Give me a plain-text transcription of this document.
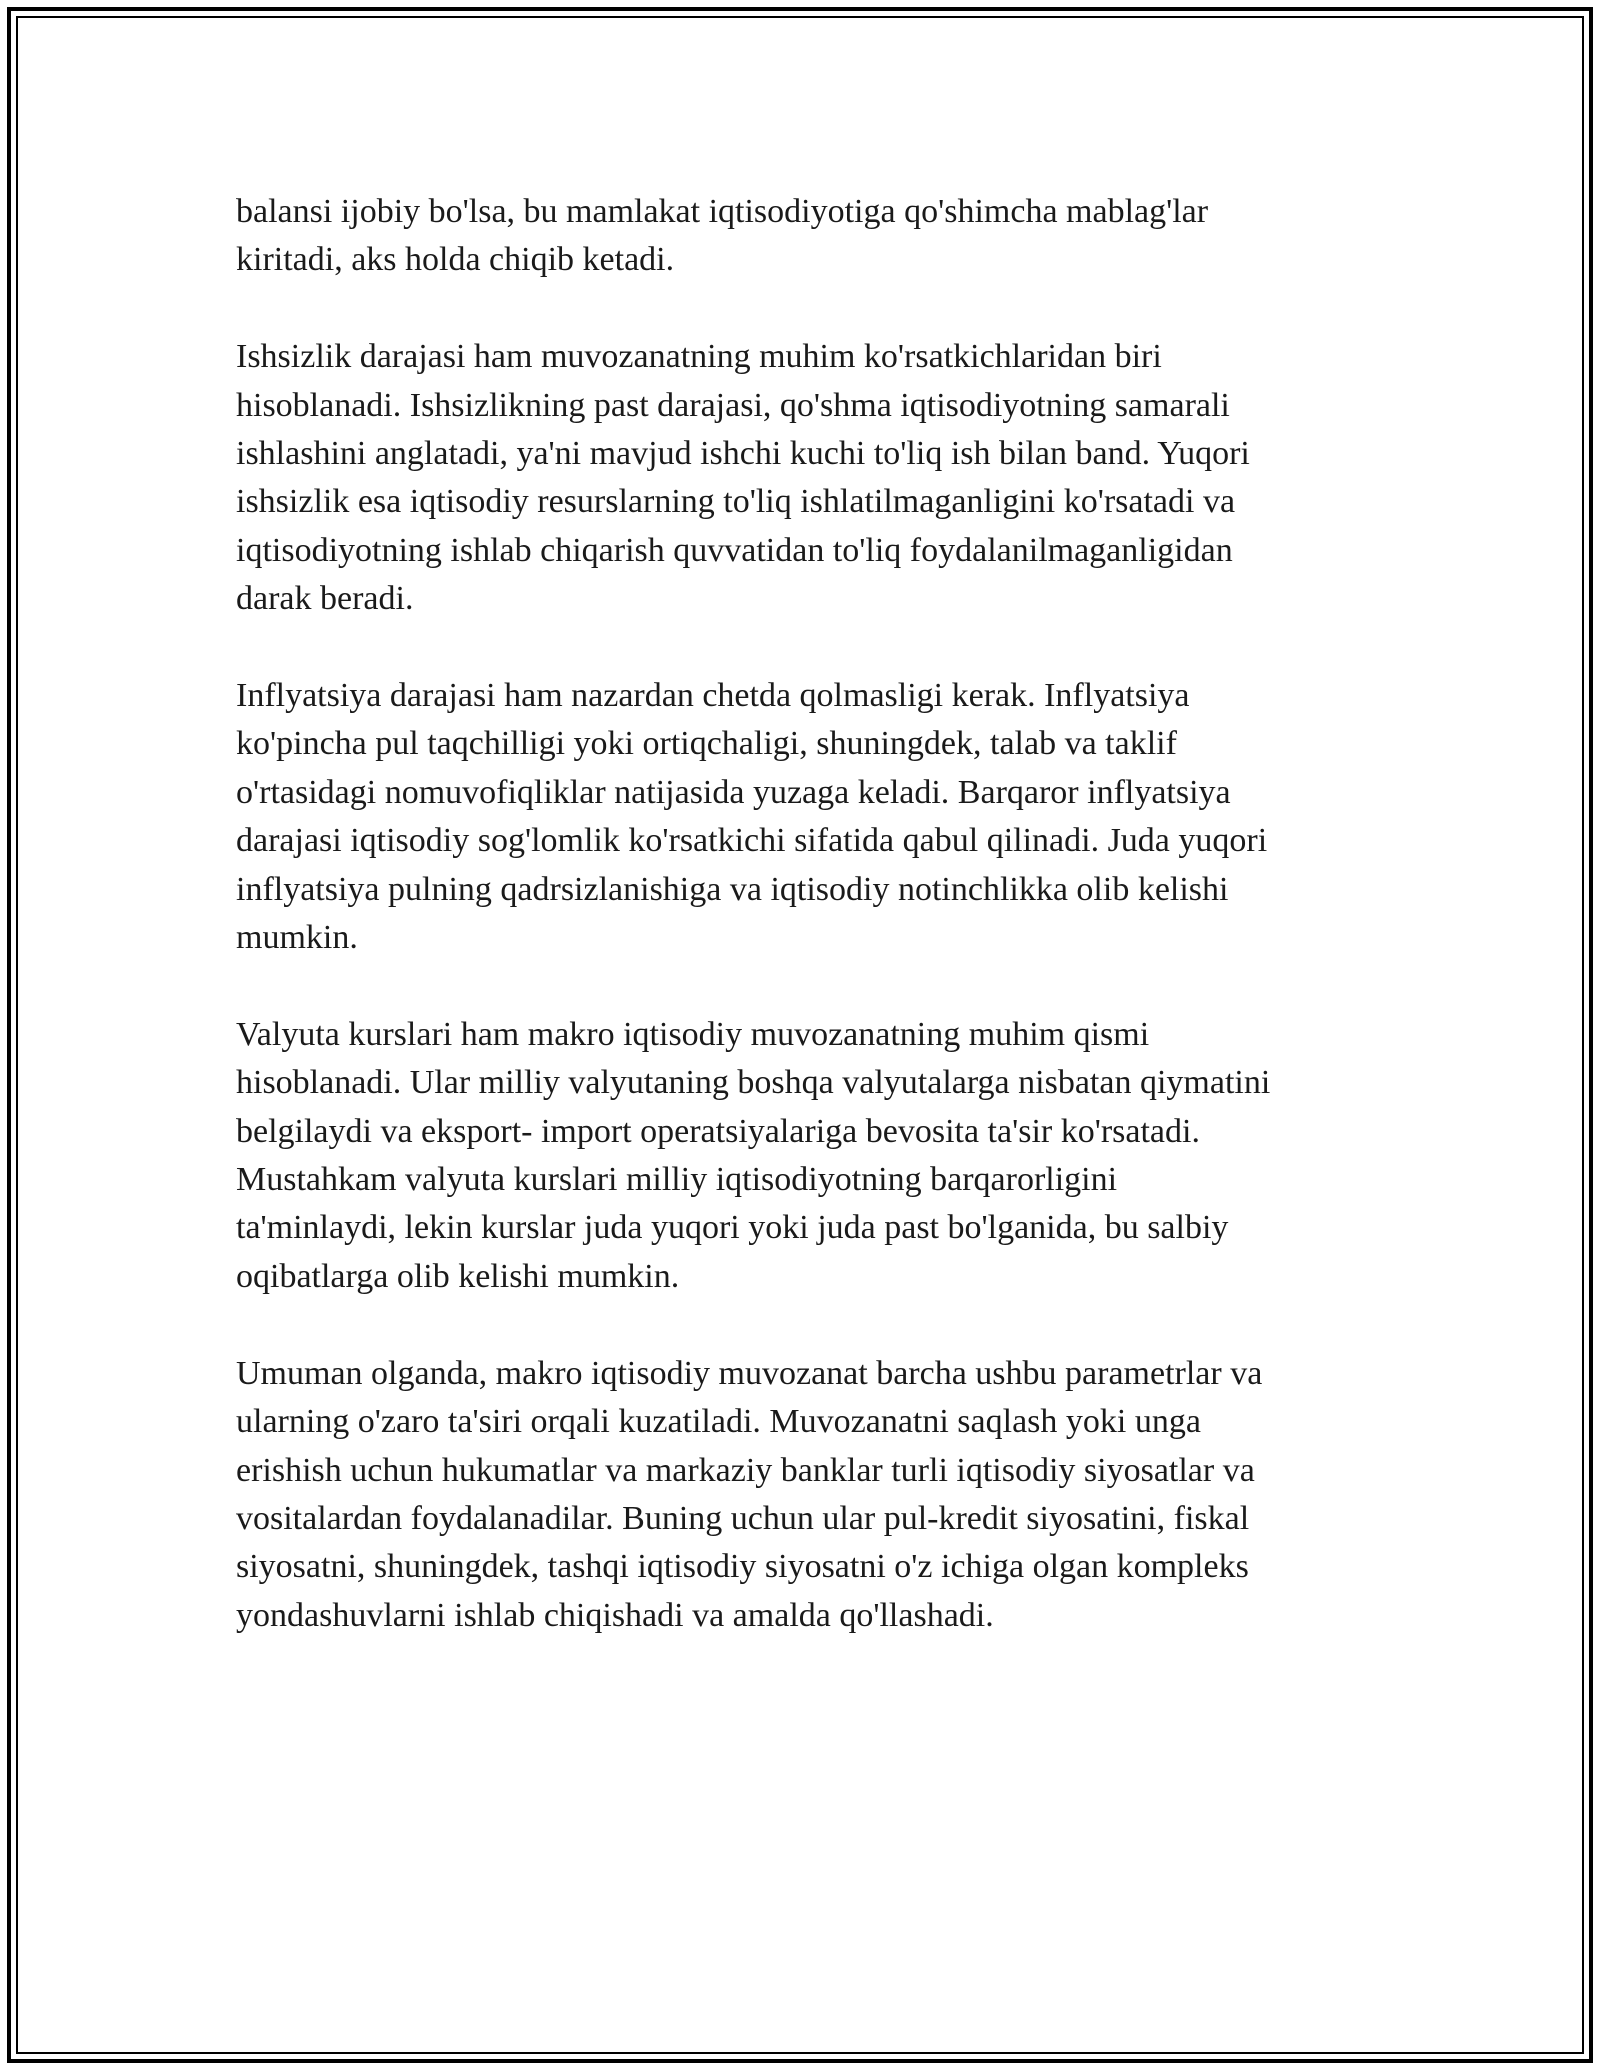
balansi ijobiy bo'lsa, bu mamlakat iqtisodiyotiga qo'shimcha mablag'lar
kiritadi, aks holda chiqib ketadi.

Ishsizlik darajasi ham muvozanatning muhim ko'rsatkichlaridan biri
hisoblanadi. Ishsizlikning past darajasi, qo'shma iqtisodiyotning samarali
ishlashini anglatadi, ya'ni mavjud ishchi kuchi to'liq ish bilan band. Yuqori
ishsizlik esa iqtisodiy resurslarning to'liq ishlatilmaganligini ko'rsatadi va
iqtisodiyotning ishlab chiqarish quvvatidan to'liq foydalanilmaganligidan
darak beradi.

Inflyatsiya darajasi ham nazardan chetda qolmasligi kerak. Inflyatsiya
ko'pincha pul taqchilligi yoki ortiqchaligi, shuningdek, talab va taklif
o'rtasidagi nomuvofiqliklar natijasida yuzaga keladi. Barqaror inflyatsiya
darajasi iqtisodiy sog'lomlik ko'rsatkichi sifatida qabul qilinadi. Juda yuqori
inflyatsiya pulning qadrsizlanishiga va iqtisodiy notinchlikka olib kelishi
mumkin.

Valyuta kurslari ham makro iqtisodiy muvozanatning muhim qismi
hisoblanadi. Ular milliy valyutaning boshqa valyutalarga nisbatan qiymatini
belgilaydi va eksport- import operatsiyalariga bevosita ta'sir ko'rsatadi.
Mustahkam valyuta kurslari milliy iqtisodiyotning barqarorligini
ta'minlaydi, lekin kurslar juda yuqori yoki juda past bo'lganida, bu salbiy
oqibatlarga olib kelishi mumkin.

Umuman olganda, makro iqtisodiy muvozanat barcha ushbu parametrlar va
ularning o'zaro ta'siri orqali kuzatiladi. Muvozanatni saqlash yoki unga
erishish uchun hukumatlar va markaziy banklar turli iqtisodiy siyosatlar va
vositalardan foydalanadilar. Buning uchun ular pul-kredit siyosatini, fiskal
siyosatni, shuningdek, tashqi iqtisodiy siyosatni o'z ichiga olgan kompleks
yondashuvlarni ishlab chiqishadi va amalda qo'llashadi.
